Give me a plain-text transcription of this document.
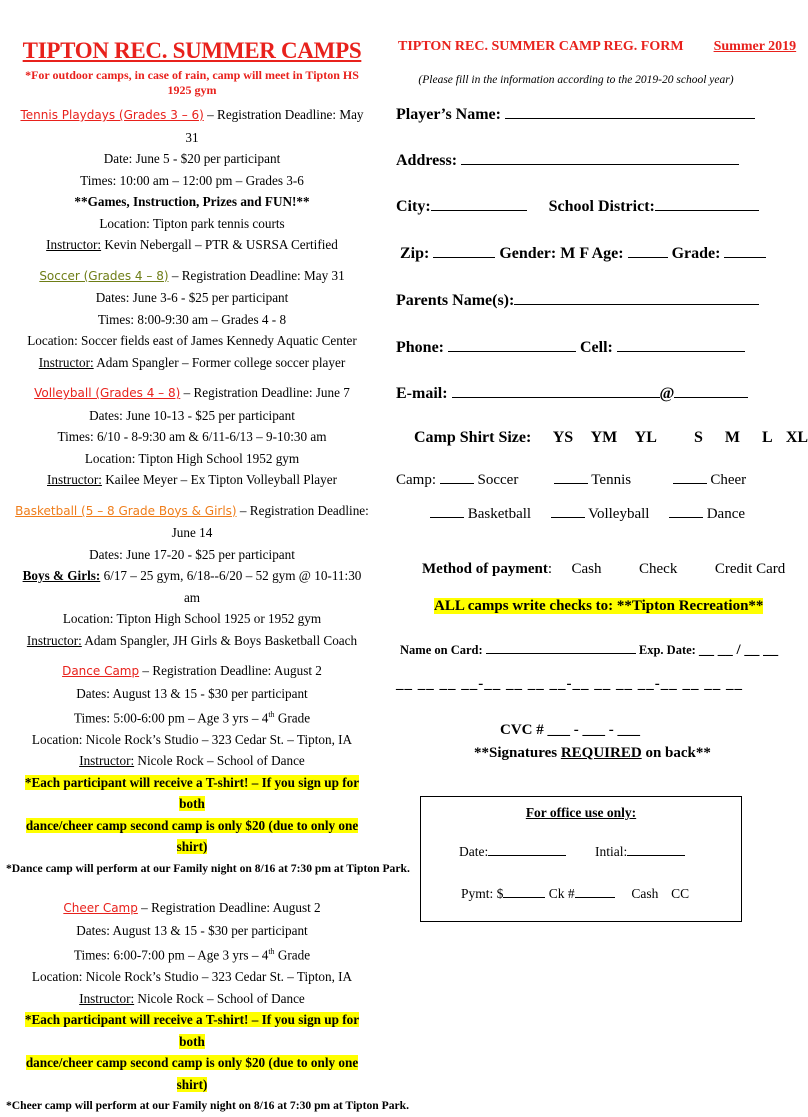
TIPTON REC. SUMMER CAMPS
*For outdoor camps, in case of rain, camp will meet in Tipton HS 1925 gym
Tennis Playdays (Grades 3 – 6) – Registration Deadline: May 31
Date: June 5 - $20 per participant
Times: 10:00 am – 12:00 pm – Grades 3-6
**Games, Instruction, Prizes and FUN!**
Location: Tipton park tennis courts
Instructor: Kevin Nebergall – PTR & USRSA Certified
Soccer (Grades 4 – 8) – Registration Deadline: May 31
Dates: June 3-6 - $25 per participant
Times: 8:00-9:30 am – Grades 4 - 8
Location: Soccer fields east of James Kennedy Aquatic Center
Instructor: Adam Spangler – Former college soccer player
Volleyball (Grades 4 – 8) – Registration Deadline: June 7
Dates: June 10-13 - $25 per participant
Times: 6/10 - 8-9:30 am & 6/11-6/13 – 9-10:30 am
Location: Tipton High School 1952 gym
Instructor: Kailee Meyer – Ex Tipton Volleyball Player
Basketball (5 – 8 Grade Boys & Girls) – Registration Deadline: June 14
Dates: June 17-20 - $25 per participant
Boys & Girls: 6/17 – 25 gym, 6/18--6/20 – 52 gym @ 10-11:30 am
Location: Tipton High School 1925 or 1952 gym
Instructor: Adam Spangler, JH Girls & Boys Basketball Coach
Dance Camp – Registration Deadline: August 2
Dates: August 13 & 15 - $30 per participant
Times: 5:00-6:00 pm – Age 3 yrs – 4th Grade
Location: Nicole Rock’s Studio – 323 Cedar St. – Tipton, IA
Instructor: Nicole Rock – School of Dance
*Each participant will receive a T-shirt! – If you sign up for both
dance/cheer camp second camp is only $20 (due to only one shirt)
*Dance camp will perform at our Family night on 8/16 at 7:30 pm at Tipton Park.
Cheer Camp – Registration Deadline: August 2
Dates: August 13 & 15 - $30 per participant
Times: 6:00-7:00 pm – Age 3 yrs – 4th Grade
Location: Nicole Rock’s Studio – 323 Cedar St. – Tipton, IA
Instructor: Nicole Rock – School of Dance
*Each participant will receive a T-shirt! – If you sign up for both
dance/cheer camp second camp is only $20 (due to only one shirt)
*Cheer camp will perform at our Family night on 8/16 at 7:30 pm at Tipton Park.
TIPTON REC. SUMMER CAMP REG. FORM Summer 2019
(Please fill in the information according to the 2019-20 school year)
Player’s Name:
Address:
City:	School District:
Zip:	Gender: M F Age:	Grade:
Parents Name(s):
Phone:	Cell:
E-mail:	@
Camp Shirt Size: YS YM YL S M L XL
Camp:	Soccer	Tennis	Cheer
Basketball	Volleyball	Dance
Method of payment: Cash	Check	Credit Card
ALL camps write checks to: **Tipton Recreation**
Name on Card:	Exp. Date: __ __ / __ __
__ __ __ __-__ __ __ __-__ __ __ __-__ __ __ __
CVC # ___ - ___ - ___
**Signatures REQUIRED on back**
For office use only:
Date:	Intial:
Pymt: $	Ck #	Cash CC
